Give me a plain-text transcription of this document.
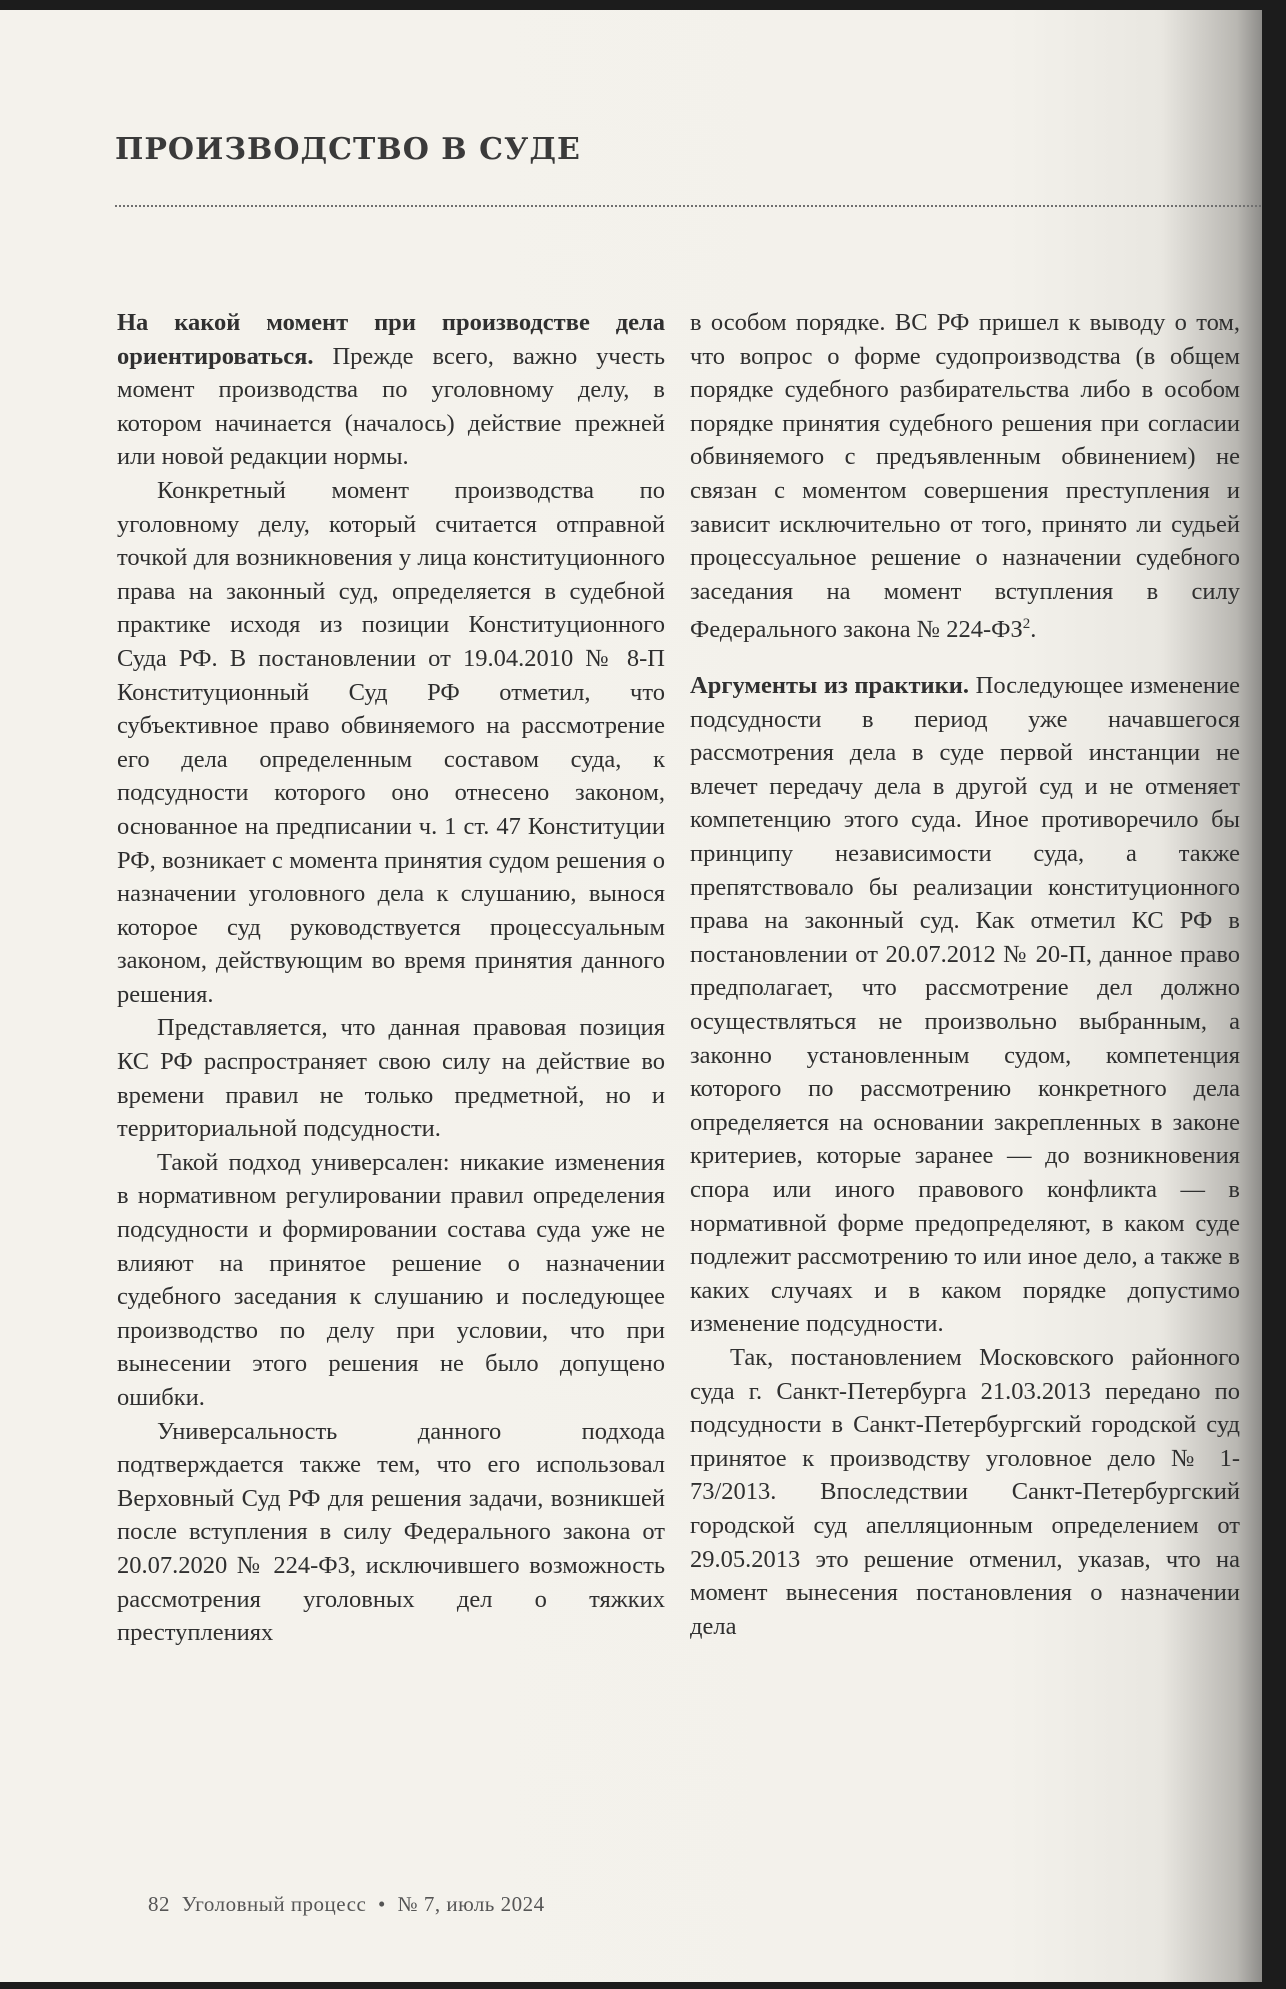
ПРОИЗВОДСТВО В СУДЕ

На какой момент при производстве дела ориентироваться. Прежде всего, важно учесть момент производства по уголовному делу, в котором начинается (началось) действие прежней или новой редакции нормы.

Конкретный момент производства по уголовному делу, который считается отправной точкой для возникновения у лица конституционного права на законный суд, определяется в судебной практике исходя из позиции Конституционного Суда РФ. В постановлении от 19.04.2010 № 8-П Конституционный Суд РФ отметил, что субъективное право обвиняемого на рассмотрение его дела определенным составом суда, к подсудности которого оно отнесено законом, основанное на предписании ч. 1 ст. 47 Конституции РФ, возникает с момента принятия судом решения о назначении уголовного дела к слушанию, вынося которое суд руководствуется процессуальным законом, действующим во время принятия данного решения.

Представляется, что данная правовая позиция КС РФ распространяет свою силу на действие во времени правил не только предметной, но и территориальной подсудности.

Такой подход универсален: никакие изменения в нормативном регулировании правил определения подсудности и формировании состава суда уже не влияют на принятое решение о назначении судебного заседания к слушанию и последующее производство по делу при условии, что при вынесении этого решения не было допущено ошибки.

Универсальность данного подхода подтверждается также тем, что его использовал Верховный Суд РФ для решения задачи, возникшей после вступления в силу Федерального закона от 20.07.2020 № 224-ФЗ, исключившего возможность рассмотрения уголовных дел о тяжких преступлениях

в особом порядке. ВС РФ пришел к выводу о том, что вопрос о форме судопроизводства (в общем порядке судебного разбирательства либо в особом порядке принятия судебного решения при согласии обвиняемого с предъявленным обвинением) не связан с моментом совершения преступления и зависит исключительно от того, принято ли судьей процессуальное решение о назначении судебного заседания на момент вступления в силу Федерального закона № $224-ФЗ^2$.

Аргументы из практики. Последующее изменение подсудности в период уже начавшегося рассмотрения дела в суде первой инстанции не влечет передачу дела в другой суд и не отменяет компетенцию этого суда. Иное противоречило бы принципу независимости суда, а также препятствовало бы реализации конституционного права на законный суд. Как отметил КС РФ в постановлении от 20.07.2012 № 20-П, данное право предполагает, что рассмотрение дел должно осуществляться не произвольно выбранным, а законно установленным судом, компетенция которого по рассмотрению конкретного дела определяется на основании закрепленных в законе критериев, которые заранее — до возникновения спора или иного правового конфликта — в нормативной форме предопределяют, в каком суде подлежит рассмотрению то или иное дело, а также в каких случаях и в каком порядке допустимо изменение подсудности.

Так, постановлением Московского районного суда г. Санкт-Петербурга 21.03.2013 передано по подсудности в Санкт-Петербургский городской суд принятое к производству уголовное дело № 1-73/2013. Впоследствии Санкт-Петербургский городской суд апелляционным определением от 29.05.2013 это решение отменил, указав, что на момент вынесения постановления о назначении дела

82 Уголовный процесс • № 7, июль 2024
